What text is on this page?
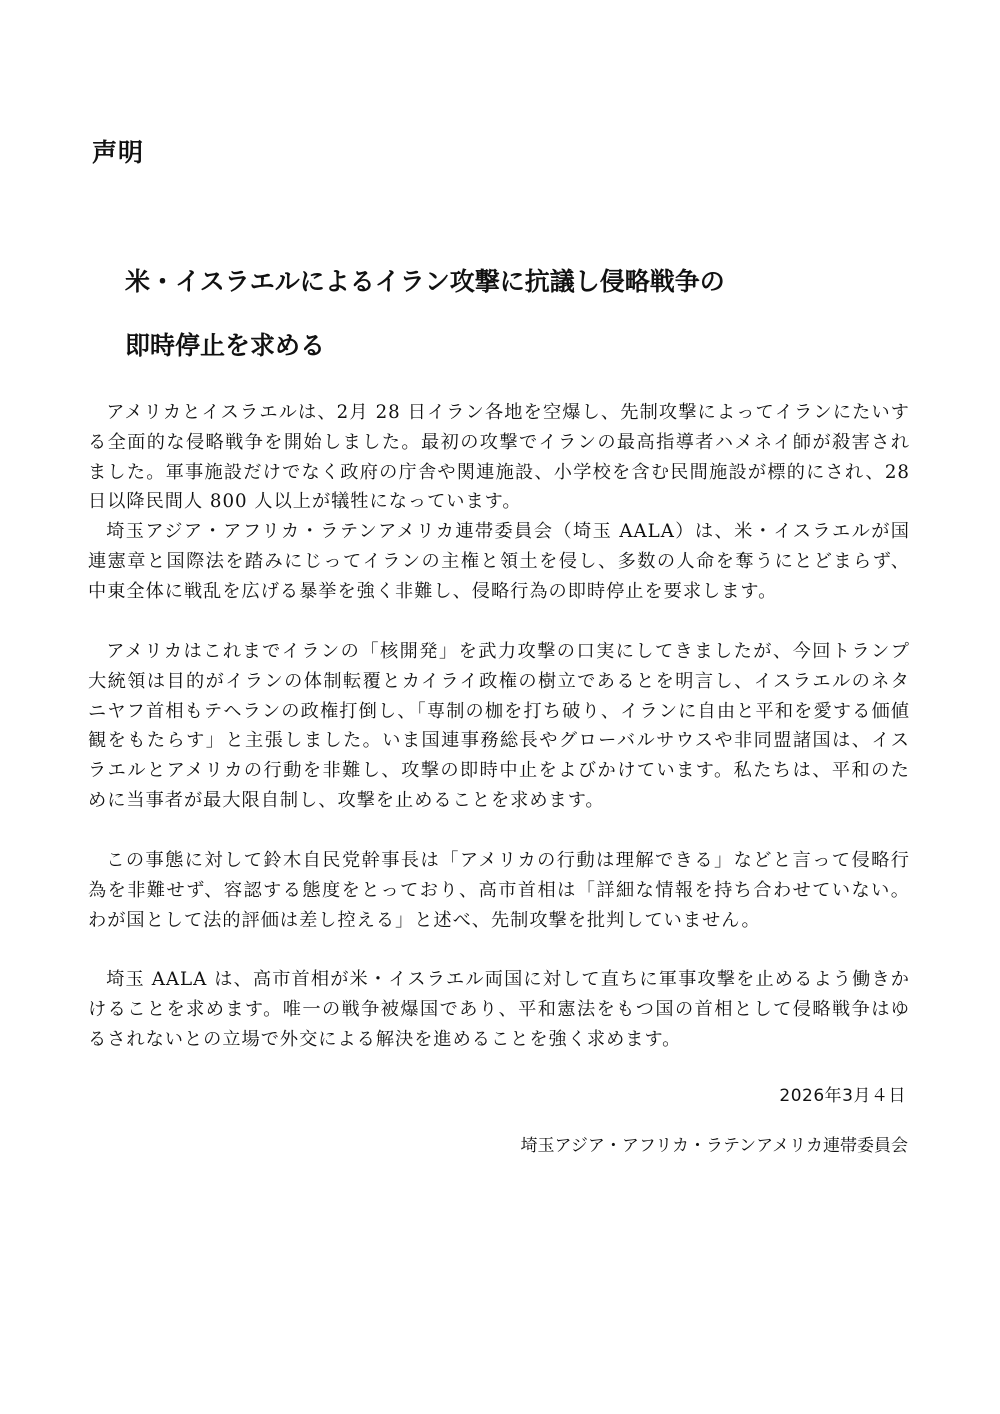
声明
米・イスラエルによるイラン攻撃に抗議し侵略戦争の
即時停止を求める

アメリカとイスラエルは、2月 28 日イラン各地を空爆し、先制攻撃によってイランにたいする全面的な侵略戦争を開始しました。最初の攻撃でイランの最高指導者ハメネイ師が殺害されました。軍事施設だけでなく政府の庁舎や関連施設、小学校を含む民間施設が標的にされ、28 日以降民間人 800 人以上が犠牲になっています。

埼玉アジア・アフリカ・ラテンアメリカ連帯委員会（埼玉 AALA）は、米・イスラエルが国連憲章と国際法を踏みにじってイランの主権と領土を侵し、多数の人命を奪うにとどまらず、中東全体に戦乱を広げる暴挙を強く非難し、侵略行為の即時停止を要求します。

アメリカはこれまでイランの「核開発」を武力攻撃の口実にしてきましたが、今回トランプ大統領は目的がイランの体制転覆とカイライ政権の樹立であるとを明言し、イスラエルのネタニヤフ首相もテヘランの政権打倒し、「専制の枷を打ち破り、イランに自由と平和を愛する価値観をもたらす」と主張しました。いま国連事務総長やグローバルサウスや非同盟諸国は、イスラエルとアメリカの行動を非難し、攻撃の即時中止をよびかけています。私たちは、平和のために当事者が最大限自制し、攻撃を止めることを求めます。

この事態に対して鈴木自民党幹事長は「アメリカの行動は理解できる」などと言って侵略行為を非難せず、容認する態度をとっており、高市首相は「詳細な情報を持ち合わせていない。わが国として法的評価は差し控える」と述べ、先制攻撃を批判していません。

埼玉 AALA は、高市首相が米・イスラエル両国に対して直ちに軍事攻撃を止めるよう働きかけることを求めます。唯一の戦争被爆国であり、平和憲法をもつ国の首相として侵略戦争はゆるされないとの立場で外交による解決を進めることを強く求めます。

2026年3月４日

埼玉アジア・アフリカ・ラテンアメリカ連帯委員会
